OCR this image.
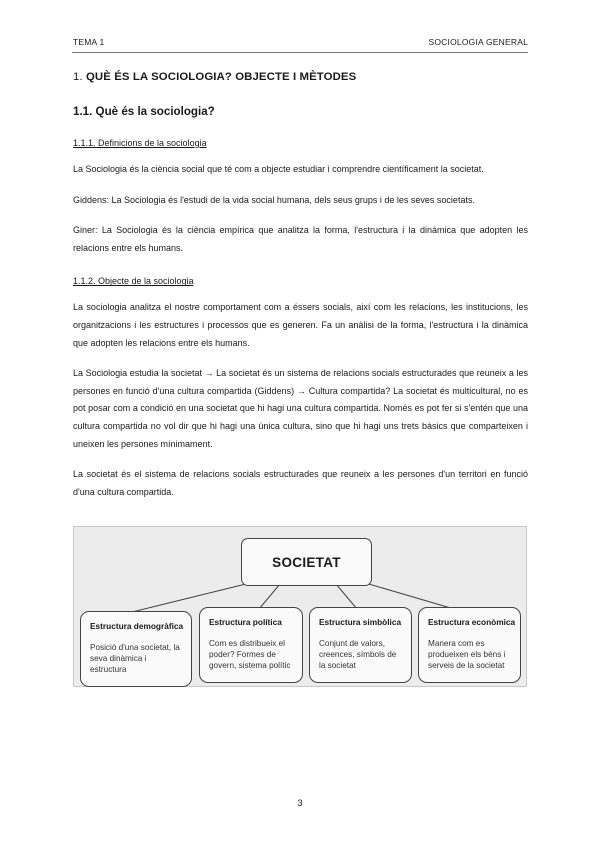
TEMA 1	SOCIOLOGIA GENERAL
1. QUÈ ÉS LA SOCIOLOGIA? OBJECTE I MÈTODES
1.1. Què és la sociologia?
1.1.1. Definicions de la sociologia

La Sociologia és la ciència social que té com a objecte estudiar i comprendre científicament la societat.

Giddens: La Sociologia és l'estudi de la vida social humana, dels seus grups i de les seves societats.

Giner: La Sociologia és la ciència empírica que analitza la forma, l'estructura i la dinàmica que adopten les relacions entre els humans.

1.1.2. Objecte de la sociologia

La sociologia analitza el nostre comportament com a éssers socials, així com les relacions, les institucions, les organitzacions i les estructures i processos que es generen. Fa un anàlisi de la forma, l'estructura i la dinàmica que adopten les relacions entre els humans.

La Sociologia estudia la societat → La societat és un sistema de relacions socials estructurades que reuneix a les persones en funció d'una cultura compartida (Giddens) → Cultura compartida? La societat és multicultural, no es pot posar com a condició en una societat que hi hagi una cultura compartida. Només es pot fer si s'entén que una cultura compartida no vol dir que hi hagi una única cultura, sino que hi hagi uns trets bàsics que comparteixen i uneixen les persones mínimament.

La societat és el sistema de relacions socials estructurades que reuneix a les persones d'un territori en funció d'una cultura compartida.

SOCIETAT
Estructura demogràfica
Posició d'una societat, la seva dinàmica i estructura
Estructura política
Com es distribueix el poder? Formes de govern, sistema polític
Estructura simbòlica
Conjunt de valors, creences, símbols de la societat
Estructura econòmica
Manera com es produeixen els béns i serveis de la societat
3
